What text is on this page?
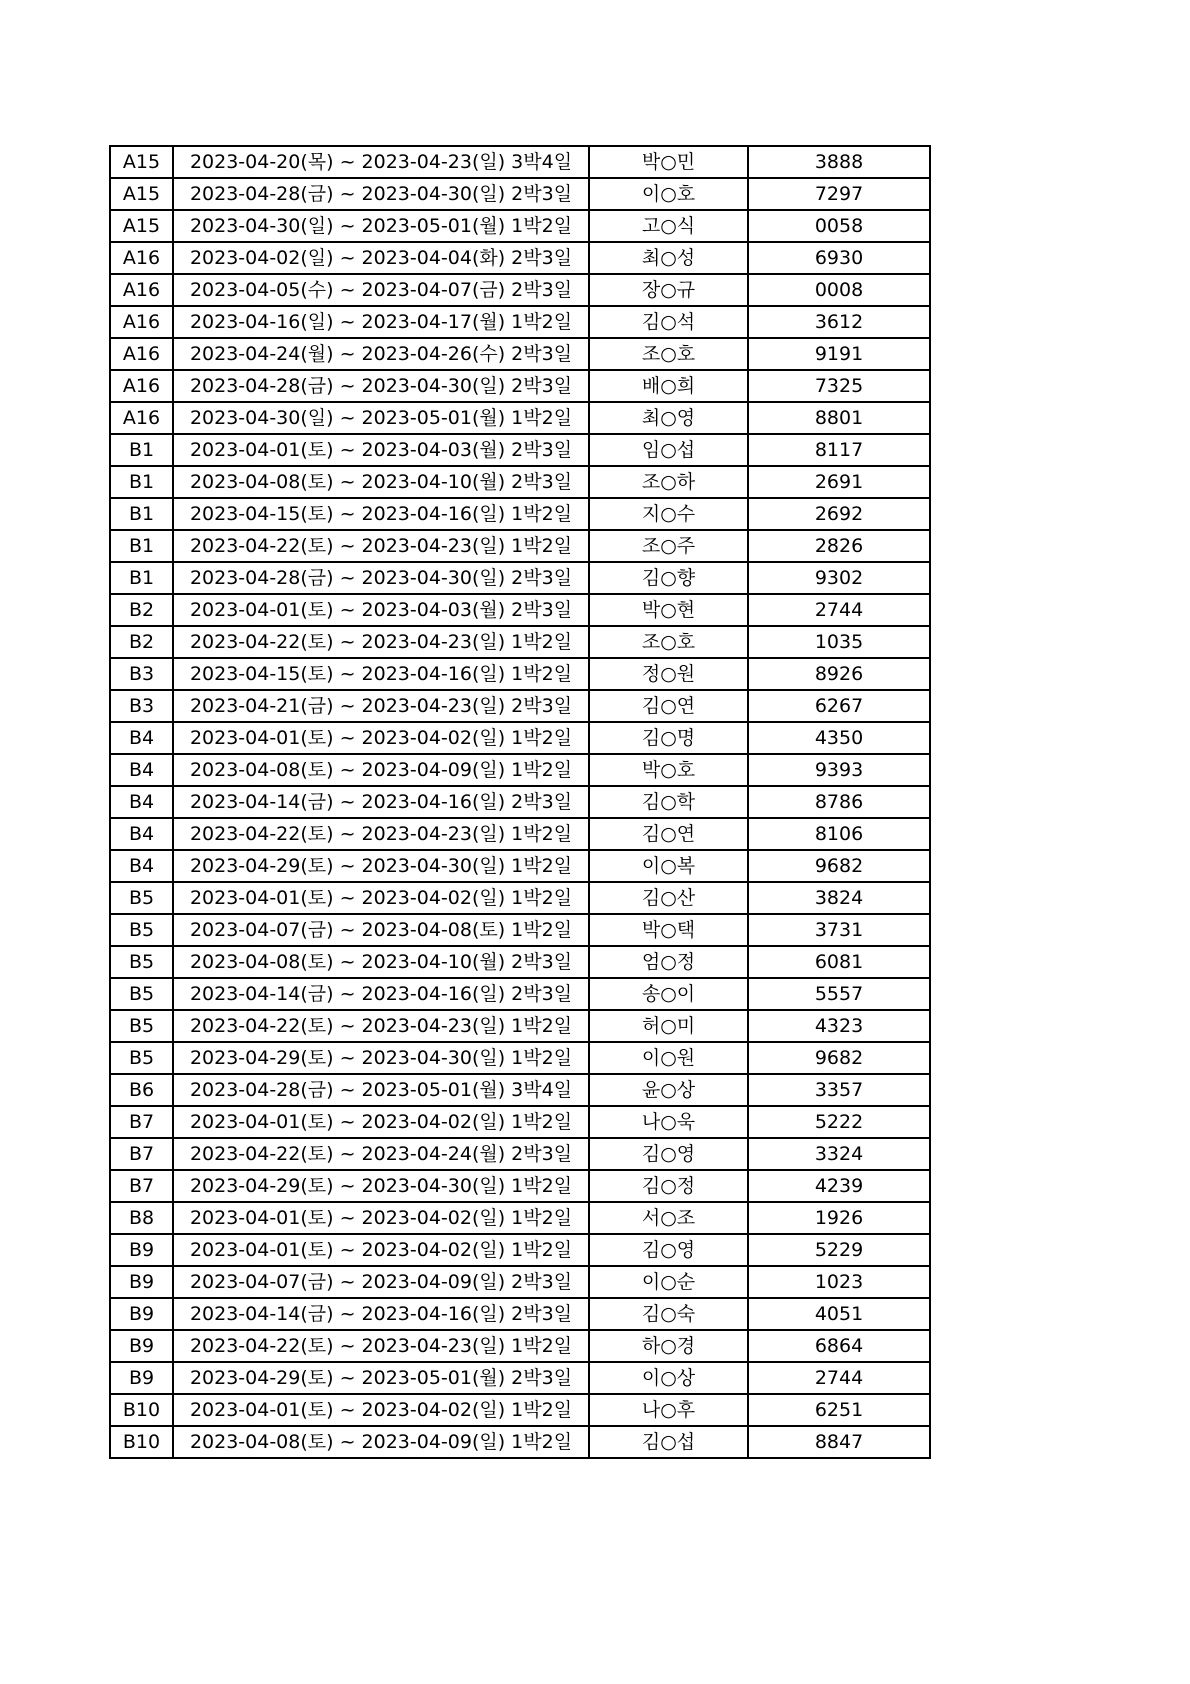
A15	2023-04-20(목) ~ 2023-04-23(일) 3박4일	박○민	3888
A15	2023-04-28(금) ~ 2023-04-30(일) 2박3일	이○호	7297
A15	2023-04-30(일) ~ 2023-05-01(월) 1박2일	고○식	0058
A16	2023-04-02(일) ~ 2023-04-04(화) 2박3일	최○성	6930
A16	2023-04-05(수) ~ 2023-04-07(금) 2박3일	장○규	0008
A16	2023-04-16(일) ~ 2023-04-17(월) 1박2일	김○석	3612
A16	2023-04-24(월) ~ 2023-04-26(수) 2박3일	조○호	9191
A16	2023-04-28(금) ~ 2023-04-30(일) 2박3일	배○희	7325
A16	2023-04-30(일) ~ 2023-05-01(월) 1박2일	최○영	8801
B1	2023-04-01(토) ~ 2023-04-03(월) 2박3일	임○섭	8117
B1	2023-04-08(토) ~ 2023-04-10(월) 2박3일	조○하	2691
B1	2023-04-15(토) ~ 2023-04-16(일) 1박2일	지○수	2692
B1	2023-04-22(토) ~ 2023-04-23(일) 1박2일	조○주	2826
B1	2023-04-28(금) ~ 2023-04-30(일) 2박3일	김○향	9302
B2	2023-04-01(토) ~ 2023-04-03(월) 2박3일	박○현	2744
B2	2023-04-22(토) ~ 2023-04-23(일) 1박2일	조○호	1035
B3	2023-04-15(토) ~ 2023-04-16(일) 1박2일	정○원	8926
B3	2023-04-21(금) ~ 2023-04-23(일) 2박3일	김○연	6267
B4	2023-04-01(토) ~ 2023-04-02(일) 1박2일	김○명	4350
B4	2023-04-08(토) ~ 2023-04-09(일) 1박2일	박○호	9393
B4	2023-04-14(금) ~ 2023-04-16(일) 2박3일	김○학	8786
B4	2023-04-22(토) ~ 2023-04-23(일) 1박2일	김○연	8106
B4	2023-04-29(토) ~ 2023-04-30(일) 1박2일	이○복	9682
B5	2023-04-01(토) ~ 2023-04-02(일) 1박2일	김○산	3824
B5	2023-04-07(금) ~ 2023-04-08(토) 1박2일	박○택	3731
B5	2023-04-08(토) ~ 2023-04-10(월) 2박3일	엄○정	6081
B5	2023-04-14(금) ~ 2023-04-16(일) 2박3일	송○이	5557
B5	2023-04-22(토) ~ 2023-04-23(일) 1박2일	허○미	4323
B5	2023-04-29(토) ~ 2023-04-30(일) 1박2일	이○원	9682
B6	2023-04-28(금) ~ 2023-05-01(월) 3박4일	윤○상	3357
B7	2023-04-01(토) ~ 2023-04-02(일) 1박2일	나○욱	5222
B7	2023-04-22(토) ~ 2023-04-24(월) 2박3일	김○영	3324
B7	2023-04-29(토) ~ 2023-04-30(일) 1박2일	김○정	4239
B8	2023-04-01(토) ~ 2023-04-02(일) 1박2일	서○조	1926
B9	2023-04-01(토) ~ 2023-04-02(일) 1박2일	김○영	5229
B9	2023-04-07(금) ~ 2023-04-09(일) 2박3일	이○순	1023
B9	2023-04-14(금) ~ 2023-04-16(일) 2박3일	김○숙	4051
B9	2023-04-22(토) ~ 2023-04-23(일) 1박2일	하○경	6864
B9	2023-04-29(토) ~ 2023-05-01(월) 2박3일	이○상	2744
B10	2023-04-01(토) ~ 2023-04-02(일) 1박2일	나○후	6251
B10	2023-04-08(토) ~ 2023-04-09(일) 1박2일	김○섭	8847
